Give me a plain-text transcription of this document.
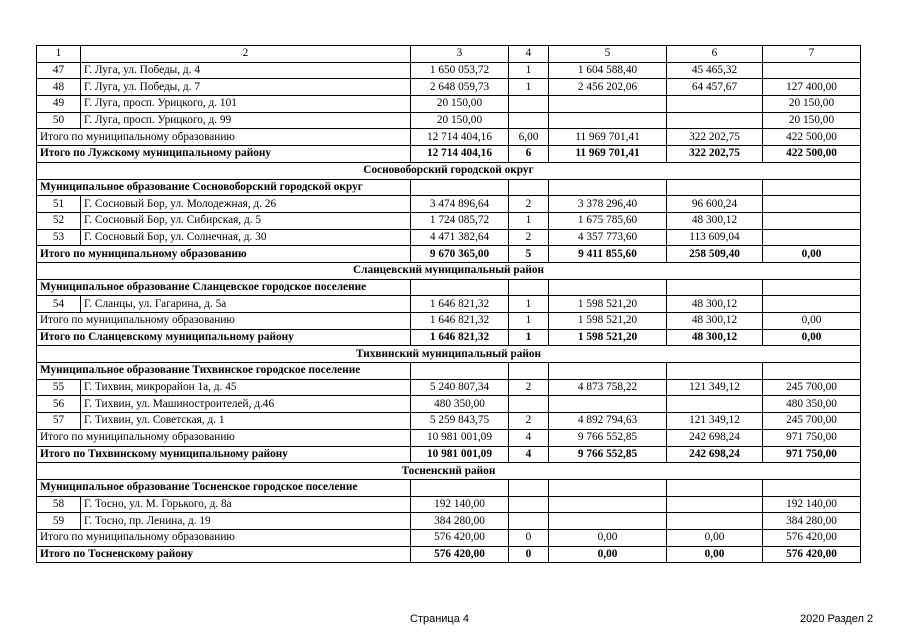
1	2	3	4	5	6	7
47	Г. Луга, ул. Победы, д. 4	1 650 053,72	1	1 604 588,40	45 465,32	
48	Г. Луга, ул. Победы, д. 7	2 648 059,73	1	2 456 202,06	64 457,67	127 400,00
49	Г. Луга, просп. Урицкого, д. 101	20 150,00				20 150,00
50	Г. Луга, просп. Урицкого, д. 99	20 150,00				20 150,00
Итого по муниципальному образованию		12 714 404,16	6,00	11 969 701,41	322 202,75	422 500,00
Итого по Лужскому муниципальному району		12 714 404,16	6	11 969 701,41	322 202,75	422 500,00
Сосновоборский городской округ						
Муниципальное образование Сосновоборский городской округ						
51	Г. Сосновый Бор, ул. Молодежная, д. 26	3 474 896,64	2	3 378 296,40	96 600,24	
52	Г. Сосновый Бор, ул. Сибирская, д. 5	1 724 085,72	1	1 675 785,60	48 300,12	
53	Г. Сосновый Бор, ул. Солнечная, д. 30	4 471 382,64	2	4 357 773,60	113 609,04	
Итого по муниципальному образованию		9 670 365,00	5	9 411 855,60	258 509,40	0,00
Сланцевский муниципальный район						
Муниципальное образование Сланцевское городское поселение						
54	Г. Сланцы, ул. Гагарина, д. 5а	1 646 821,32	1	1 598 521,20	48 300,12	
Итого по муниципальному образованию		1 646 821,32	1	1 598 521,20	48 300,12	0,00
Итого по Сланцевскому муниципальному району		1 646 821,32	1	1 598 521,20	48 300,12	0,00
Тихвинский муниципальный район						
Муниципальное образование Тихвинское городское поселение						
55	Г. Тихвин, микрорайон 1а, д. 45	5 240 807,34	2	4 873 758,22	121 349,12	245 700,00
56	Г. Тихвин, ул. Машиностроителей, д.46	480 350,00				480 350,00
57	Г. Тихвин, ул. Советская, д. 1	5 259 843,75	2	4 892 794,63	121 349,12	245 700,00
Итого по муниципальному образованию		10 981 001,09	4	9 766 552,85	242 698,24	971 750,00
Итого по Тихвинскому муниципальному району		10 981 001,09	4	9 766 552,85	242 698,24	971 750,00
Тосненский район						
Муниципальное образование Тосненское городское поселение						
58	Г. Тосно, ул. М. Горького, д. 8а	192 140,00				192 140,00
59	Г. Тосно, пр. Ленина, д. 19	384 280,00				384 280,00
Итого по муниципальному образованию		576 420,00	0	0,00	0,00	576 420,00
Итого по Тосненскому району		576 420,00	0	0,00	0,00	576 420,00
Страница 4	2020 Раздел 2
